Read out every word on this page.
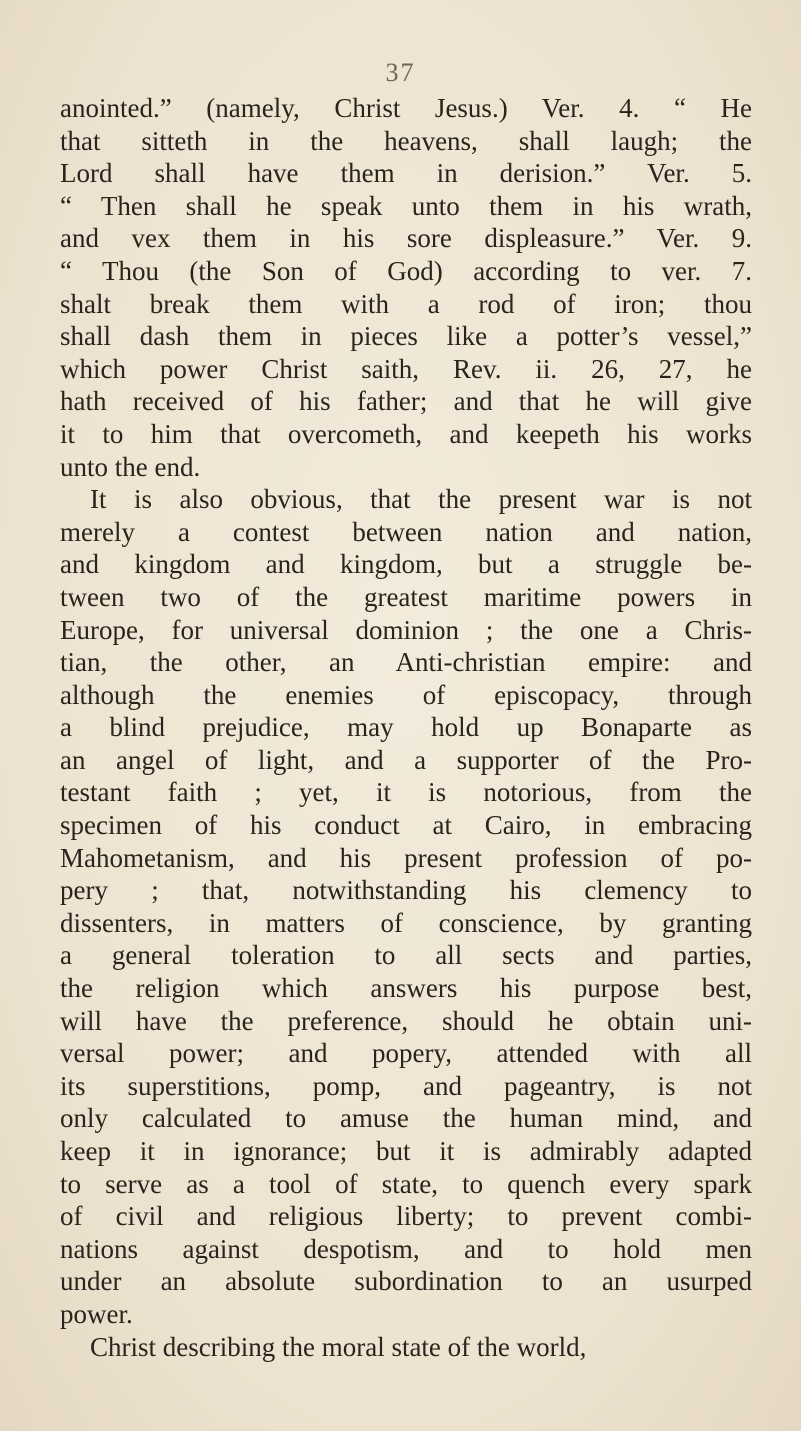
37
anointed.” (namely, Christ Jesus.) Ver. 4. “ He
that sitteth in the heavens, shall laugh; the
Lord shall have them in derision.” Ver. 5.
“ Then shall he speak unto them in his wrath,
and vex them in his sore displeasure.” Ver. 9.
“ Thou (the Son of God) according to ver. 7.
shalt break them with a rod of iron; thou
shall dash them in pieces like a potter’s vessel,”
which power Christ saith, Rev. ii. 26, 27, he
hath received of his father; and that he will give
it to him that overcometh, and keepeth his works
unto the end.
It is also obvious, that the present war is not
merely a contest between nation and nation,
and kingdom and kingdom, but a struggle be-
tween two of the greatest maritime powers in
Europe, for universal dominion ; the one a Chris-
tian, the other, an Anti-christian empire: and
although the enemies of episcopacy, through
a blind prejudice, may hold up Bonaparte as
an angel of light, and a supporter of the Pro-
testant faith ; yet, it is notorious, from the
specimen of his conduct at Cairo, in embracing
Mahometanism, and his present profession of po-
pery ; that, notwithstanding his clemency to
dissenters, in matters of conscience, by granting
a general toleration to all sects and parties,
the religion which answers his purpose best,
will have the preference, should he obtain uni-
versal power; and popery, attended with all
its superstitions, pomp, and pageantry, is not
only calculated to amuse the human mind, and
keep it in ignorance; but it is admirably adapted
to serve as a tool of state, to quench every spark
of civil and religious liberty; to prevent combi-
nations against despotism, and to hold men
under an absolute subordination to an usurped
power.
Christ describing the moral state of the world,
